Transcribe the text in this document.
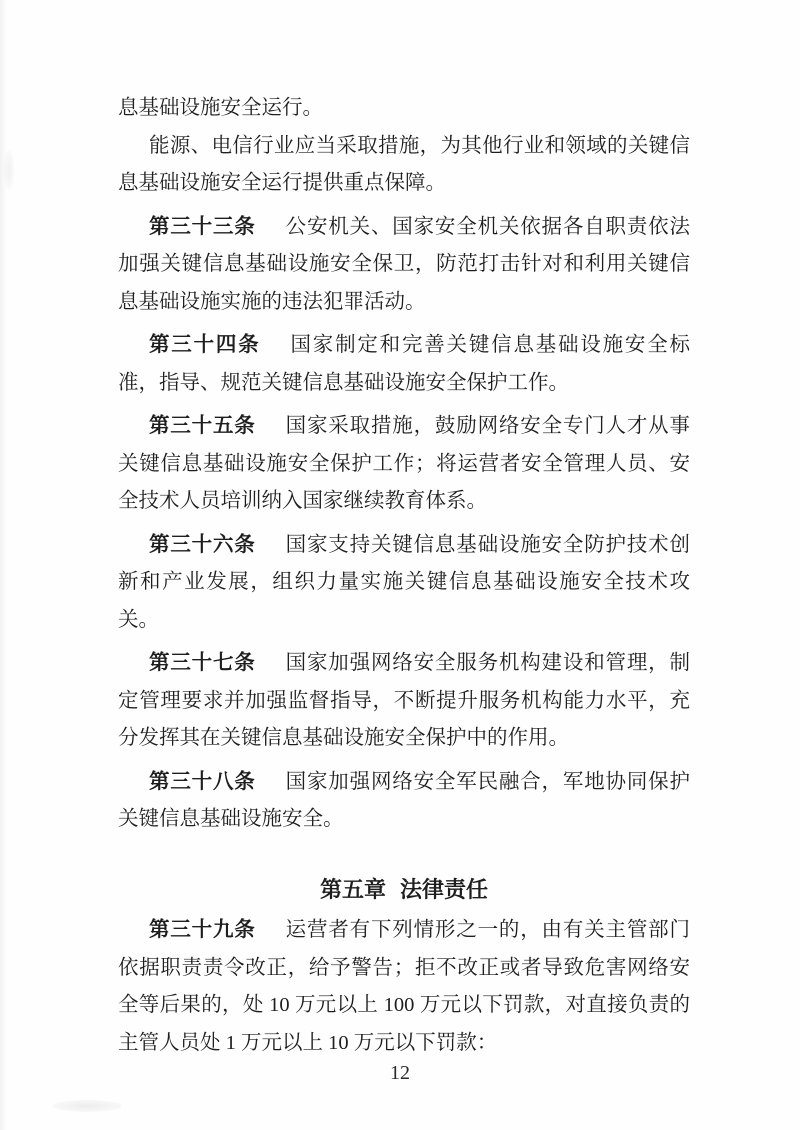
息基础设施安全运行。

能源、电信行业应当采取措施，为其他行业和领域的关键信息基础设施安全运行提供重点保障。

第三十三条 公安机关、国家安全机关依据各自职责依法加强关键信息基础设施安全保卫，防范打击针对和利用关键信息基础设施实施的违法犯罪活动。

第三十四条 国家制定和完善关键信息基础设施安全标准，指导、规范关键信息基础设施安全保护工作。

第三十五条 国家采取措施，鼓励网络安全专门人才从事关键信息基础设施安全保护工作；将运营者安全管理人员、安全技术人员培训纳入国家继续教育体系。

第三十六条 国家支持关键信息基础设施安全防护技术创新和产业发展，组织力量实施关键信息基础设施安全技术攻关。

第三十七条 国家加强网络安全服务机构建设和管理，制定管理要求并加强监督指导，不断提升服务机构能力水平，充分发挥其在关键信息基础设施安全保护中的作用。

第三十八条 国家加强网络安全军民融合，军地协同保护关键信息基础设施安全。

第五章 法律责任

第三十九条 运营者有下列情形之一的，由有关主管部门依据职责责令改正，给予警告；拒不改正或者导致危害网络安全等后果的，处 10 万元以上 100 万元以下罚款，对直接负责的主管人员处 1 万元以上 10 万元以下罚款：

12
